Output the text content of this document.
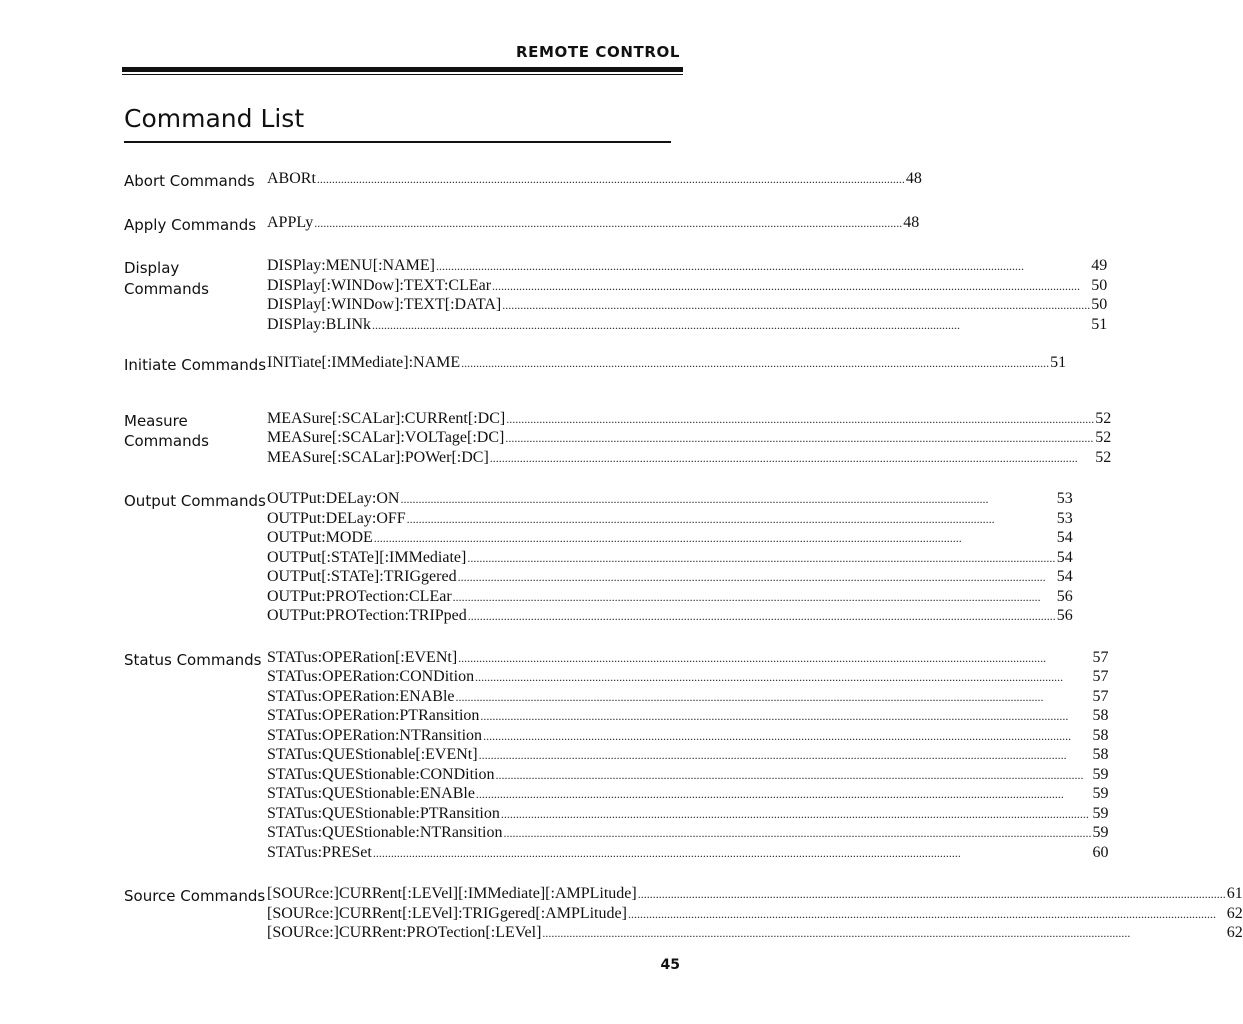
REMOTE CONTROL
Command List
Abort Commands ABORt .....	48
Apply Commands APPLy .....	48
Display Commands
DISPlay:MENU[:NAME] .....	49
DISPlay[:WINDow]:TEXT:CLEar .....	50
DISPlay[:WINDow]:TEXT[:DATA] .....	50
DISPlay:BLINk .....	51
Initiate Commands INITiate[:IMMediate]:NAME .....	51
Measure Commands
MEASure[:SCALar]:CURRent[:DC] .....	52
MEASure[:SCALar]:VOLTage[:DC] .....	52
MEASure[:SCALar]:POWer[:DC] .....	52
Output Commands OUTPut:DELay:ON .....	53
OUTPut:DELay:OFF .....	53
OUTPut:MODE .....	54
OUTPut[:STATe][:IMMediate] .....	54
OUTPut[:STATe]:TRIGgered .....	54
OUTPut:PROTection:CLEar .....	56
OUTPut:PROTection:TRIPped .....	56
Status Commands STATus:OPERation[:EVENt] .....	57
STATus:OPERation:CONDition .....	57
STATus:OPERation:ENABle .....	57
STATus:OPERation:PTRansition .....	58
STATus:OPERation:NTRansition .....	58
STATus:QUEStionable[:EVENt] .....	58
STATus:QUEStionable:CONDition .....	59
STATus:QUEStionable:ENABle .....	59
STATus:QUEStionable:PTRansition .....	59
STATus:QUEStionable:NTRansition .....	59
STATus:PRESet .....	60
Source Commands [SOURce:]CURRent[:LEVel][:IMMediate][:AMPLitude] .....	61
[SOURce:]CURRent[:LEVel]:TRIGgered[:AMPLitude] .....	62
[SOURce:]CURRent:PROTection[:LEVel] .....	62
45
